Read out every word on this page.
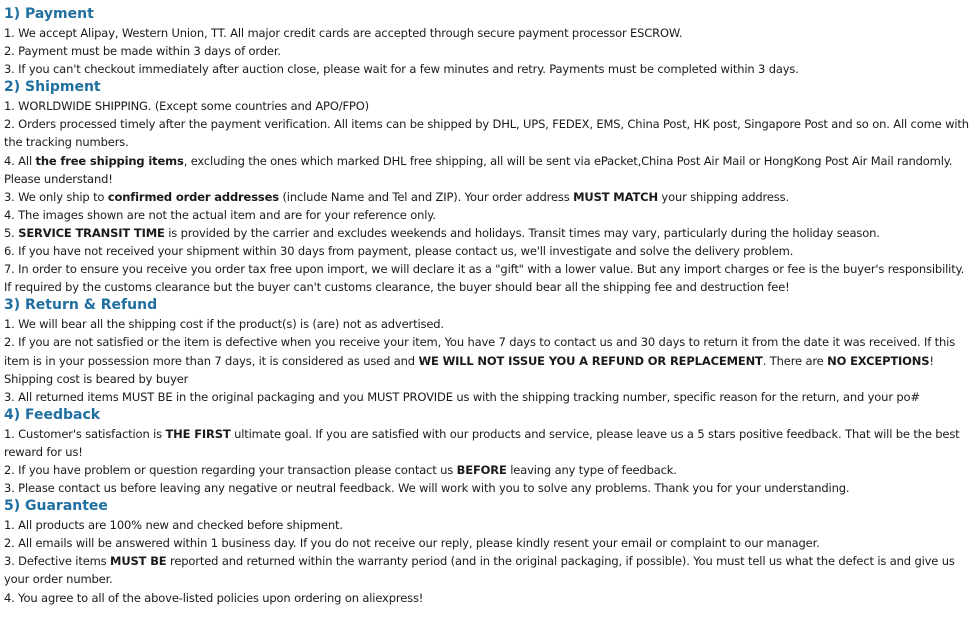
1) Payment

1. We accept Alipay, Western Union, TT. All major credit cards are accepted through secure payment processor ESCROW.

2. Payment must be made within 3 days of order.

3. If you can't checkout immediately after auction close, please wait for a few minutes and retry. Payments must be completed within 3 days.

2) Shipment

1. WORLDWIDE SHIPPING. (Except some countries and APO/FPO)

2. Orders processed timely after the payment verification. All items can be shipped by DHL, UPS, FEDEX, EMS, China Post, HK post, Singapore Post and so on. All come with the tracking numbers.

4. All the free shipping items, excluding the ones which marked DHL free shipping, all will be sent via ePacket,China Post Air Mail or HongKong Post Air Mail randomly. Please understand!

3. We only ship to confirmed order addresses (include Name and Tel and ZIP). Your order address MUST MATCH your shipping address.

4. The images shown are not the actual item and are for your reference only.

5. SERVICE TRANSIT TIME is provided by the carrier and excludes weekends and holidays. Transit times may vary, particularly during the holiday season.

6. If you have not received your shipment within 30 days from payment, please contact us, we'll investigate and solve the delivery problem.

7. In order to ensure you receive you order tax free upon import, we will declare it as a "gift" with a lower value. But any import charges or fee is the buyer's responsibility. If required by the customs clearance but the buyer can't customs clearance, the buyer should bear all the shipping fee and destruction fee!

3) Return & Refund

1. We will bear all the shipping cost if the product(s) is (are) not as advertised.

2. If you are not satisfied or the item is defective when you receive your item, You have 7 days to contact us and 30 days to return it from the date it was received. If this item is in your possession more than 7 days, it is considered as used and WE WILL NOT ISSUE YOU A REFUND OR REPLACEMENT. There are NO EXCEPTIONS! Shipping cost is beared by buyer

3. All returned items MUST BE in the original packaging and you MUST PROVIDE us with the shipping tracking number, specific reason for the return, and your po#

4) Feedback

1. Customer's satisfaction is THE FIRST ultimate goal. If you are satisfied with our products and service, please leave us a 5 stars positive feedback. That will be the best reward for us!

2. If you have problem or question regarding your transaction please contact us BEFORE leaving any type of feedback.

3. Please contact us before leaving any negative or neutral feedback. We will work with you to solve any problems. Thank you for your understanding.

5) Guarantee

1. All products are 100% new and checked before shipment.

2. All emails will be answered within 1 business day. If you do not receive our reply, please kindly resent your email or complaint to our manager.

3. Defective items MUST BE reported and returned within the warranty period (and in the original packaging, if possible). You must tell us what the defect is and give us your order number.

4. You agree to all of the above-listed policies upon ordering on aliexpress!
